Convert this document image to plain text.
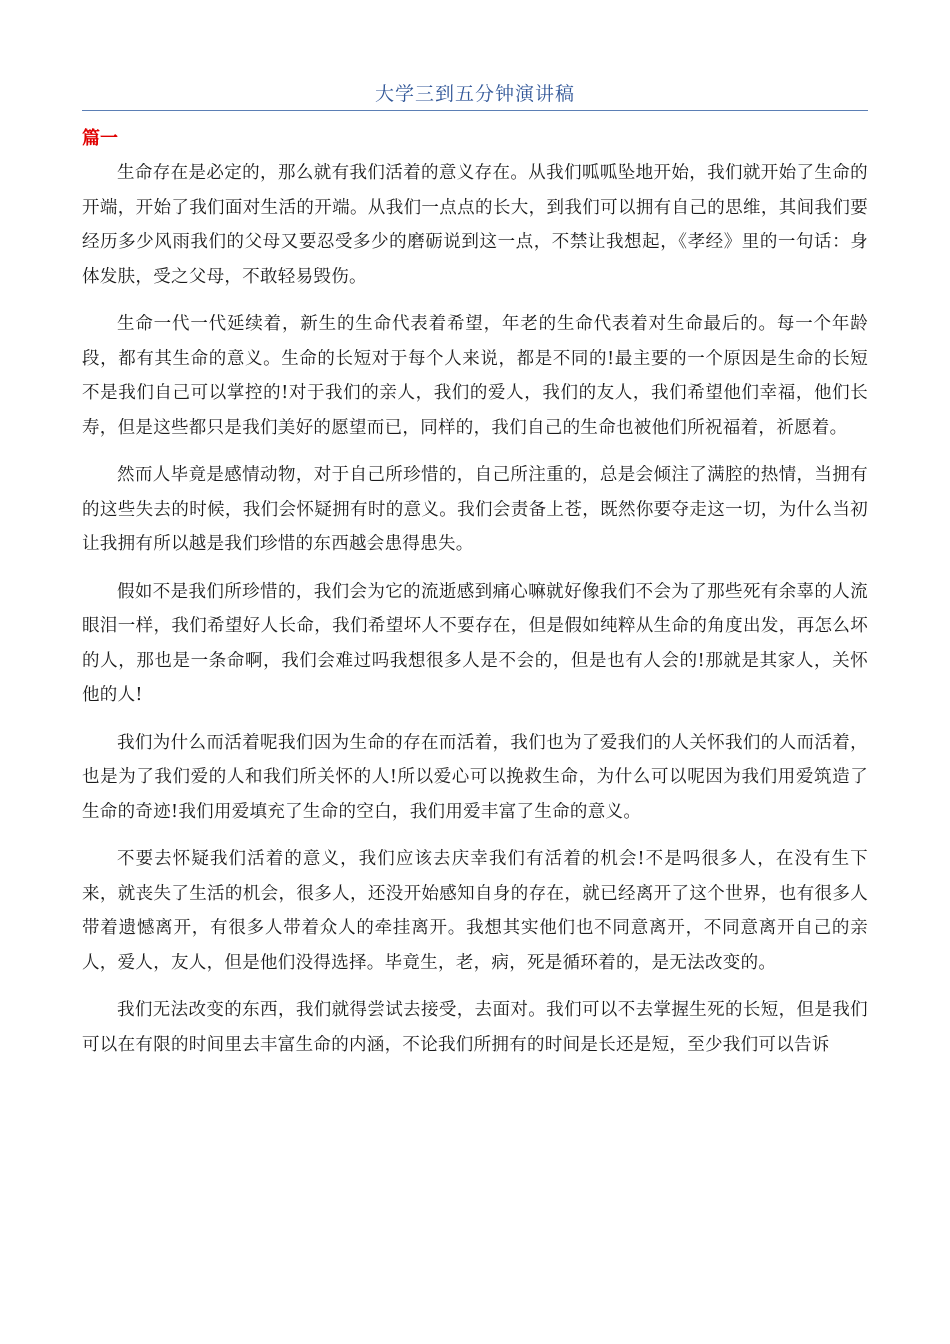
大学三到五分钟演讲稿
篇一

生命存在是必定的，那么就有我们活着的意义存在。从我们呱呱坠地开始，我们就开始了生命的开端，开始了我们面对生活的开端。从我们一点点的长大，到我们可以拥有自己的思维，其间我们要经历多少风雨我们的父母又要忍受多少的磨砺说到这一点，不禁让我想起，《孝经》里的一句话：身体发肤，受之父母，不敢轻易毁伤。

生命一代一代延续着，新生的生命代表着希望，年老的生命代表着对生命最后的。每一个年龄段，都有其生命的意义。生命的长短对于每个人来说，都是不同的!最主要的一个原因是生命的长短不是我们自己可以掌控的!对于我们的亲人，我们的爱人，我们的友人，我们希望他们幸福，他们长寿，但是这些都只是我们美好的愿望而已，同样的，我们自己的生命也被他们所祝福着，祈愿着。

然而人毕竟是感情动物，对于自己所珍惜的，自己所注重的，总是会倾注了满腔的热情，当拥有的这些失去的时候，我们会怀疑拥有时的意义。我们会责备上苍，既然你要夺走这一切，为什么当初让我拥有所以越是我们珍惜的东西越会患得患失。

假如不是我们所珍惜的，我们会为它的流逝感到痛心嘛就好像我们不会为了那些死有余辜的人流眼泪一样，我们希望好人长命，我们希望坏人不要存在，但是假如纯粹从生命的角度出发，再怎么坏的人，那也是一条命啊，我们会难过吗我想很多人是不会的，但是也有人会的!那就是其家人，关怀他的人!

我们为什么而活着呢我们因为生命的存在而活着，我们也为了爱我们的人关怀我们的人而活着，也是为了我们爱的人和我们所关怀的人!所以爱心可以挽救生命，为什么可以呢因为我们用爱筑造了生命的奇迹!我们用爱填充了生命的空白，我们用爱丰富了生命的意义。

不要去怀疑我们活着的意义，我们应该去庆幸我们有活着的机会!不是吗很多人，在没有生下来，就丧失了生活的机会，很多人，还没开始感知自身的存在，就已经离开了这个世界，也有很多人带着遗憾离开，有很多人带着众人的牵挂离开。我想其实他们也不同意离开，不同意离开自己的亲人，爱人，友人，但是他们没得选择。毕竟生，老，病，死是循环着的，是无法改变的。

我们无法改变的东西，我们就得尝试去接受，去面对。我们可以不去掌握生死的长短，但是我们可以在有限的时间里去丰富生命的内涵，不论我们所拥有的时间是长还是短，至少我们可以告诉
